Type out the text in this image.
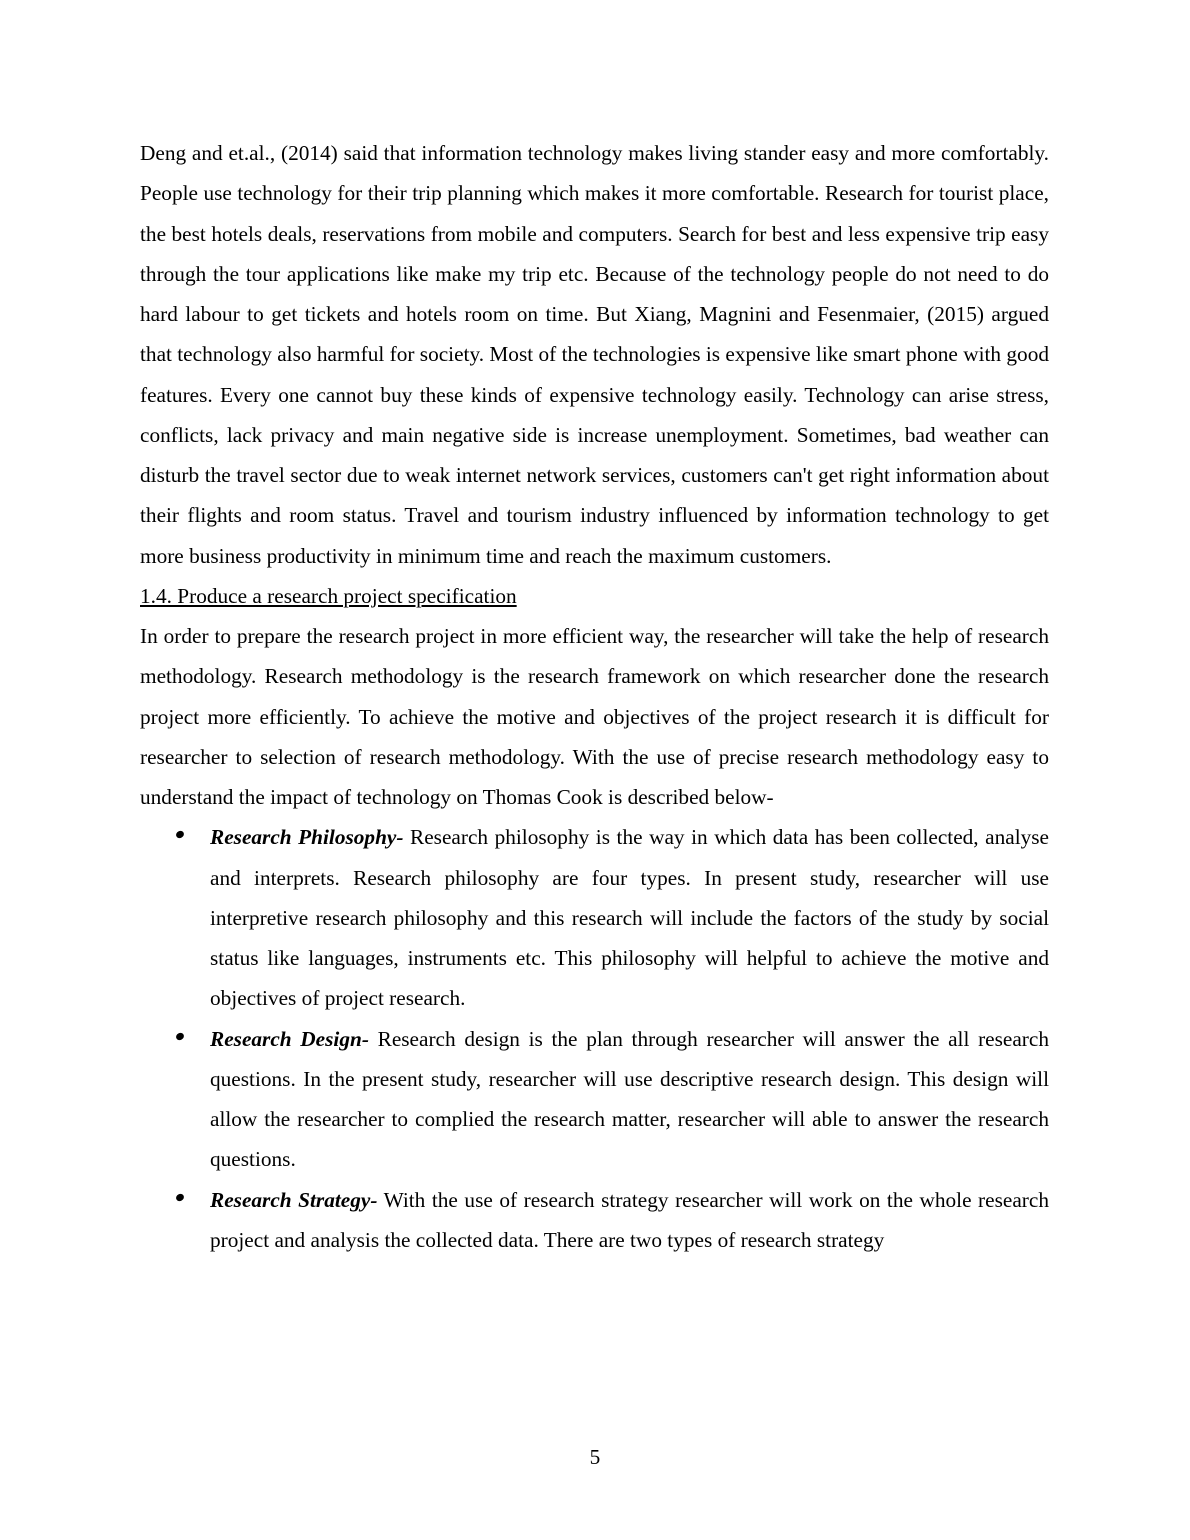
Deng and et.al., (2014) said that information technology makes living stander easy and more comfortably. People use technology for their trip planning which makes it more comfortable. Research for tourist place, the best hotels deals, reservations from mobile and computers. Search for best and less expensive trip easy through the tour applications like make my trip etc. Because of the technology people do not need to do hard labour to get tickets and hotels room on time. But Xiang, Magnini and Fesenmaier, (2015) argued that technology also harmful for society. Most of the technologies is expensive like smart phone with good features. Every one cannot buy these kinds of expensive technology easily. Technology can arise stress, conflicts, lack privacy and main negative side is increase unemployment. Sometimes, bad weather can disturb the travel sector due to weak internet network services, customers can't get right information about their flights and room status. Travel and tourism industry influenced by information technology to get more business productivity in minimum time and reach the maximum customers.

1.4. Produce a research project specification

In order to prepare the research project in more efficient way, the researcher will take the help of research methodology. Research methodology is the research framework on which researcher done the research project more efficiently. To achieve the motive and objectives of the project research it is difficult for researcher to selection of research methodology. With the use of precise research methodology easy to understand the impact of technology on Thomas Cook is described below-

Research Philosophy- Research philosophy is the way in which data has been collected, analyse and interprets. Research philosophy are four types. In present study, researcher will use interpretive research philosophy and this research will include the factors of the study by social status like languages, instruments etc. This philosophy will helpful to achieve the motive and objectives of project research.
Research Design- Research design is the plan through researcher will answer the all research questions. In the present study, researcher will use descriptive research design. This design will allow the researcher to complied the research matter, researcher will able to answer the research questions.
Research Strategy- With the use of research strategy researcher will work on the whole research project and analysis the collected data. There are two types of research strategy
5
